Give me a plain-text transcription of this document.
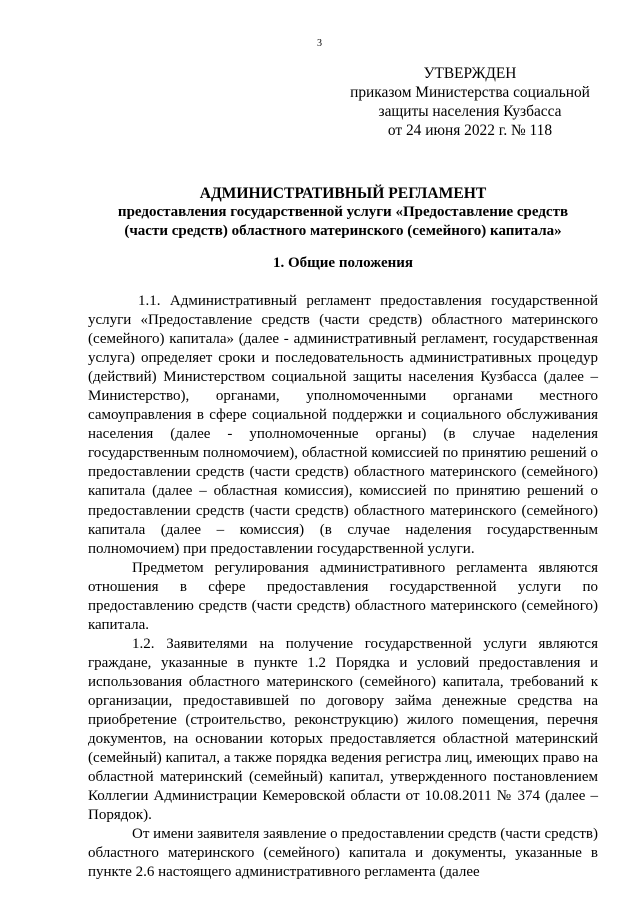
3
УТВЕРЖДЕН
приказом Министерства социальной
защиты населения Кузбасса
от 24 июня 2022 г. № 118
АДМИНИСТРАТИВНЫЙ РЕГЛАМЕНТ
предоставления государственной услуги «Предоставление средств
(части средств) областного материнского (семейного) капитала»
1. Общие положения

1.1. Административный регламент предоставления государственной услуги «Предоставление средств (части средств) областного материнского (семейного) капитала» (далее - административный регламент, государственная услуга) определяет сроки и последовательность административных процедур (действий) Министерством социальной защиты населения Кузбасса (далее – Министерство), органами, уполномоченными органами местного самоуправления в сфере социальной поддержки и социального обслуживания населения (далее - уполномоченные органы) (в случае наделения государственным полномочием), областной комиссией по принятию решений о предоставлении средств (части средств) областного материнского (семейного) капитала (далее – областная комиссия), комиссией по принятию решений о предоставлении средств (части средств) областного материнского (семейного) капитала (далее – комиссия) (в случае наделения государственным полномочием) при предоставлении государственной услуги.

Предметом регулирования административного регламента являются отношения в сфере предоставления государственной услуги по предоставлению средств (части средств) областного материнского (семейного) капитала.

1.2. Заявителями на получение государственной услуги являются граждане, указанные в пункте 1.2 Порядка и условий предоставления и использования областного материнского (семейного) капитала, требований к организации, предоставившей по договору займа денежные средства на приобретение (строительство, реконструкцию) жилого помещения, перечня документов, на основании которых предоставляется областной материнский (семейный) капитал, а также порядка ведения регистра лиц, имеющих право на областной материнский (семейный) капитал, утвержденного постановлением Коллегии Администрации Кемеровской области от 10.08.2011 № 374 (далее – Порядок).

От имени заявителя заявление о предоставлении средств (части средств) областного материнского (семейного) капитала и документы, указанные в пункте 2.6 настоящего административного регламента (далее
